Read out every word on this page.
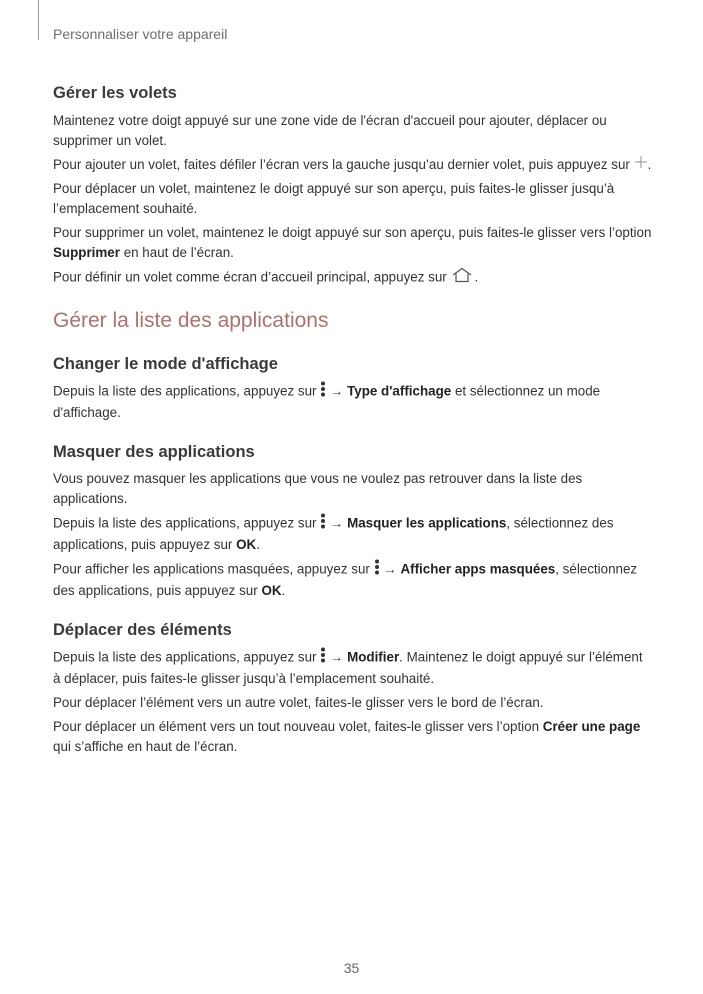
Personnaliser votre appareil
Gérer les volets

Maintenez votre doigt appuyé sur une zone vide de l'écran d'accueil pour ajouter, déplacer ou supprimer un volet.

Pour ajouter un volet, faites défiler l’écran vers la gauche jusqu’au dernier volet, puis appuyez sur .

Pour déplacer un volet, maintenez le doigt appuyé sur son aperçu, puis faites-le glisser jusqu’à l’emplacement souhaité.

Pour supprimer un volet, maintenez le doigt appuyé sur son aperçu, puis faites-le glisser vers l’option Supprimer en haut de l’écran.

Pour définir un volet comme écran d’accueil principal, appuyez sur .

Gérer la liste des applications
Changer le mode d'affichage

Depuis la liste des applications, appuyez sur  → Type d'affichage et sélectionnez un mode d'affichage.

Masquer des applications

Vous pouvez masquer les applications que vous ne voulez pas retrouver dans la liste des applications.

Depuis la liste des applications, appuyez sur  → Masquer les applications, sélectionnez des applications, puis appuyez sur OK.

Pour afficher les applications masquées, appuyez sur  → Afficher apps masquées, sélectionnez des applications, puis appuyez sur OK.

Déplacer des éléments

Depuis la liste des applications, appuyez sur  → Modifier. Maintenez le doigt appuyé sur l’élément à déplacer, puis faites-le glisser jusqu’à l’emplacement souhaité.

Pour déplacer l’élément vers un autre volet, faites-le glisser vers le bord de l’écran.

Pour déplacer un élément vers un tout nouveau volet, faites-le glisser vers l’option Créer une page qui s’affiche en haut de l’écran.

35
